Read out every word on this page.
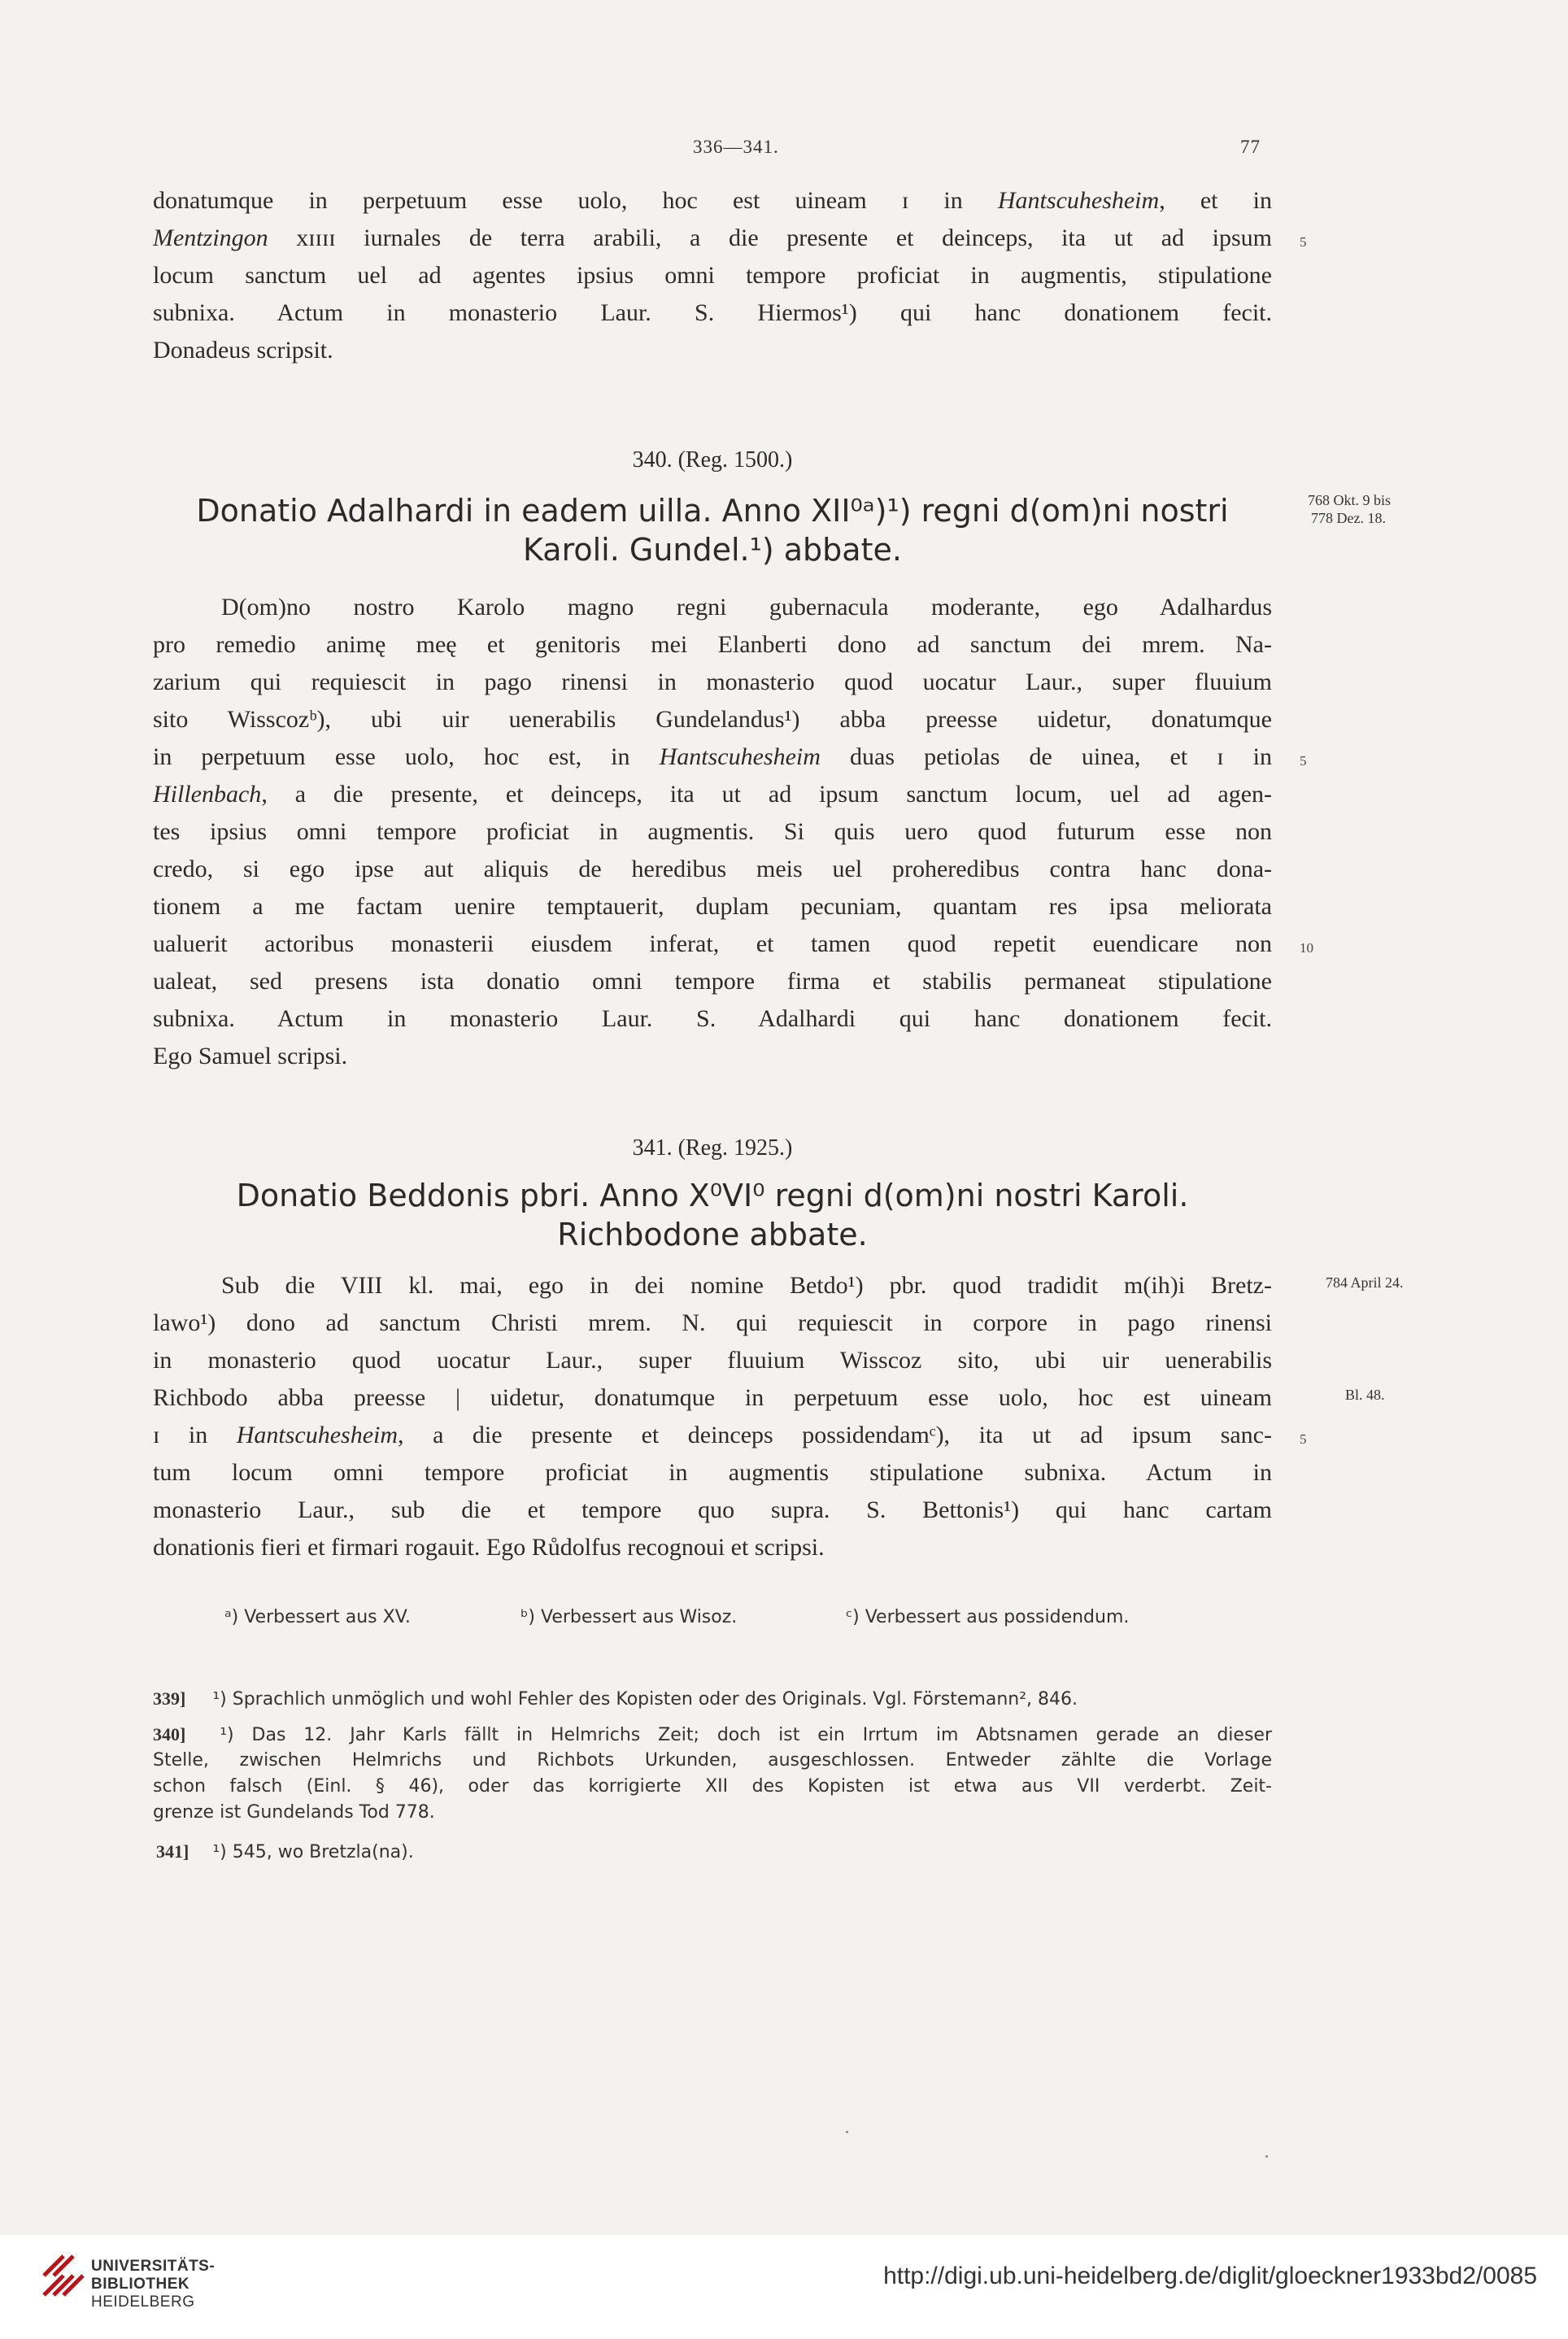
336—341.	77
donatumque in perpetuum esse uolo, hoc est uineam ɪ in Hantscuhesheim, et in
Mentzingon xɪɪɪɪ iurnales de terra arabili, a die presente et deinceps, ita ut ad ipsum
locum sanctum uel ad agentes ipsius omni tempore proficiat in augmentis, stipulatione
subnixa. Actum in monasterio Laur. S. Hiermos¹) qui hanc donationem fecit.
Donadeus scripsit.
5
340. (Reg. 1500.)
Donatio Adalhardi in eadem uilla. Anno XII⁰ᵃ)¹) regni d(om)ni nostri
Karoli. Gundel.¹) abbate.
768 Okt. 9 bis
778 Dez. 18.
D(om)no nostro Karolo magno regni gubernacula moderante, ego Adalhardus
pro remedio animę meę et genitoris mei Elanberti dono ad sanctum dei mrem. Na-
zarium qui requiescit in pago rinensi in monasterio quod uocatur Laur., super fluuium
sito Wisscozᵇ), ubi uir uenerabilis Gundelandus¹) abba preesse uidetur, donatumque
in perpetuum esse uolo, hoc est, in Hantscuhesheim duas petiolas de uinea, et ɪ in
Hillenbach, a die presente, et deinceps, ita ut ad ipsum sanctum locum, uel ad agen-
tes ipsius omni tempore proficiat in augmentis. Si quis uero quod futurum esse non
credo, si ego ipse aut aliquis de heredibus meis uel proheredibus contra hanc dona-
tionem a me factam uenire temptauerit, duplam pecuniam, quantam res ipsa meliorata
ualuerit actoribus monasterii eiusdem inferat, et tamen quod repetit euendicare non
ualeat, sed presens ista donatio omni tempore firma et stabilis permaneat stipulatione
subnixa. Actum in monasterio Laur. S. Adalhardi qui hanc donationem fecit.
Ego Samuel scripsi.
5
10
341. (Reg. 1925.)
Donatio Beddonis pbri. Anno X⁰VI⁰ regni d(om)ni nostri Karoli.
Richbodone abbate.
784 April 24.
Bl. 48.
Sub die VIII kl. mai, ego in dei nomine Betdo¹) pbr. quod tradidit m(ih)i Bretz-
lawo¹) dono ad sanctum Christi mrem. N. qui requiescit in corpore in pago rinensi
in monasterio quod uocatur Laur., super fluuium Wisscoz sito, ubi uir uenerabilis
Richbodo abba preesse | uidetur, donatumque in perpetuum esse uolo, hoc est uineam
ɪ in Hantscuhesheim, a die presente et deinceps possidendamᶜ), ita ut ad ipsum sanc-
tum locum omni tempore proficiat in augmentis stipulatione subnixa. Actum in
monasterio Laur., sub die et tempore quo supra. S. Bettonis¹) qui hanc cartam
donationis fieri et firmari rogauit. Ego Růdolfus recognoui et scripsi.
5
ᵃ) Verbessert aus XV.	ᵇ) Verbessert aus Wisoz.	ᶜ) Verbessert aus possidendum.
339] ¹) Sprachlich unmöglich und wohl Fehler des Kopisten oder des Originals. Vgl. Förstemann², 846.
340] ¹) Das 12. Jahr Karls fällt in Helmrichs Zeit; doch ist ein Irrtum im Abtsnamen gerade an dieser
Stelle, zwischen Helmrichs und Richbots Urkunden, ausgeschlossen. Entweder zählte die Vorlage
schon falsch (Einl. § 46), oder das korrigierte XII des Kopisten ist etwa aus VII verderbt. Zeit-
grenze ist Gundelands Tod 778.
341] ¹) 545, wo Bretzla(na).
UNIVERSITÄTS-
BIBLIOTHEK
HEIDELBERG
http://digi.ub.uni-heidelberg.de/diglit/gloeckner1933bd2/0085
